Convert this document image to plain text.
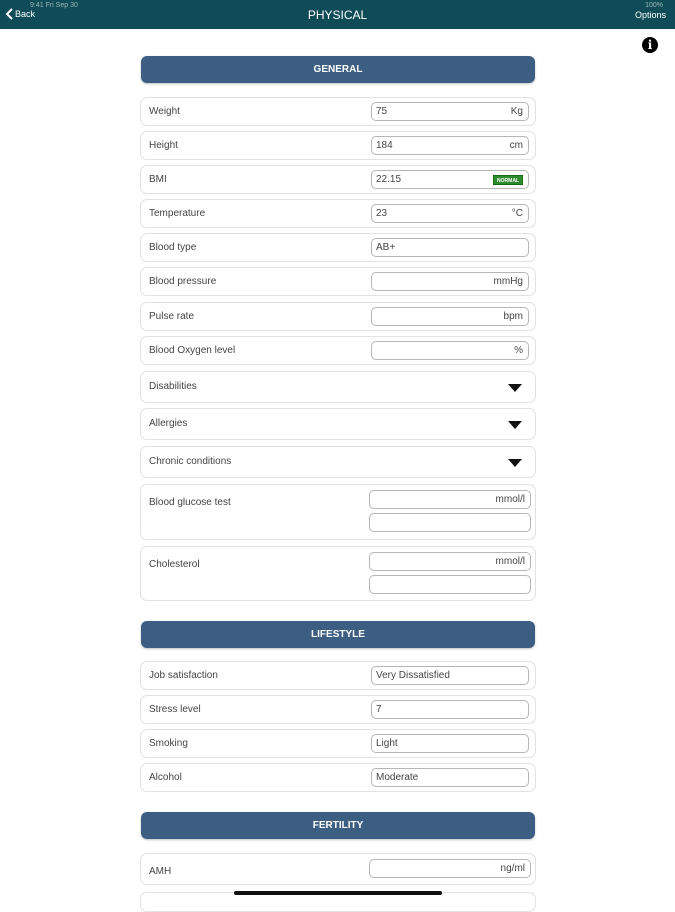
9:41 Fri Sep 30	100%
Back	PHYSICAL	Options
i
GENERAL
Weight	75	Kg
Height	184	cm
BMI	22.15	NORMAL
Temperature	23	°C
Blood type	AB+
Blood pressure	mmHg
Pulse rate	bpm
Blood Oxygen level	%
Disabilities
Allergies
Chronic conditions
Blood glucose test	mmol/l
Cholesterol	mmol/l
LIFESTYLE
Job satisfaction	Very Dissatisfied
Stress level	7
Smoking	Light
Alcohol	Moderate
FERTILITY
AMH	ng/ml
